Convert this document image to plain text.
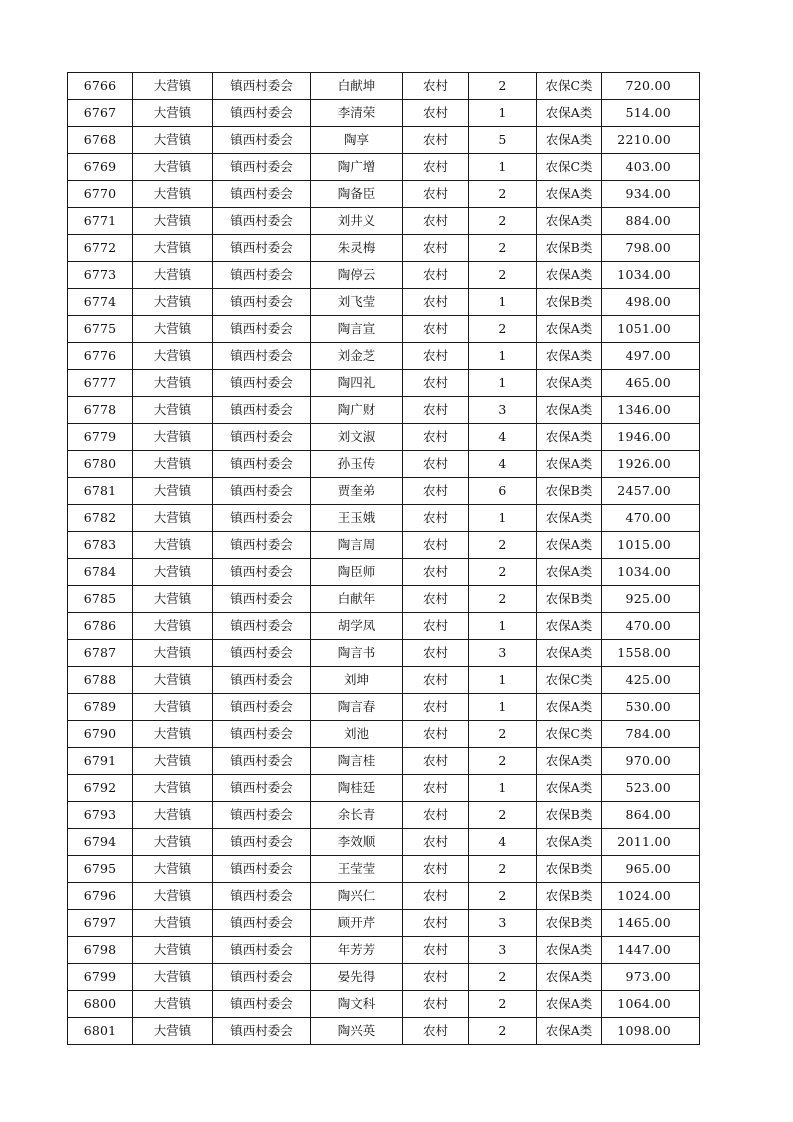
6766	大营镇	镇西村委会	白献坤	农村	2	农保C类	720.00
6767	大营镇	镇西村委会	李清荣	农村	1	农保A类	514.00
6768	大营镇	镇西村委会	陶享	农村	5	农保A类	2210.00
6769	大营镇	镇西村委会	陶广增	农村	1	农保C类	403.00
6770	大营镇	镇西村委会	陶备臣	农村	2	农保A类	934.00
6771	大营镇	镇西村委会	刘井义	农村	2	农保A类	884.00
6772	大营镇	镇西村委会	朱灵梅	农村	2	农保B类	798.00
6773	大营镇	镇西村委会	陶停云	农村	2	农保A类	1034.00
6774	大营镇	镇西村委会	刘飞莹	农村	1	农保B类	498.00
6775	大营镇	镇西村委会	陶言宣	农村	2	农保A类	1051.00
6776	大营镇	镇西村委会	刘金芝	农村	1	农保A类	497.00
6777	大营镇	镇西村委会	陶四礼	农村	1	农保A类	465.00
6778	大营镇	镇西村委会	陶广财	农村	3	农保A类	1346.00
6779	大营镇	镇西村委会	刘文淑	农村	4	农保A类	1946.00
6780	大营镇	镇西村委会	孙玉传	农村	4	农保A类	1926.00
6781	大营镇	镇西村委会	贾奎弟	农村	6	农保B类	2457.00
6782	大营镇	镇西村委会	王玉娥	农村	1	农保A类	470.00
6783	大营镇	镇西村委会	陶言周	农村	2	农保A类	1015.00
6784	大营镇	镇西村委会	陶臣师	农村	2	农保A类	1034.00
6785	大营镇	镇西村委会	白献年	农村	2	农保B类	925.00
6786	大营镇	镇西村委会	胡学凤	农村	1	农保A类	470.00
6787	大营镇	镇西村委会	陶言书	农村	3	农保A类	1558.00
6788	大营镇	镇西村委会	刘坤	农村	1	农保C类	425.00
6789	大营镇	镇西村委会	陶言春	农村	1	农保A类	530.00
6790	大营镇	镇西村委会	刘池	农村	2	农保C类	784.00
6791	大营镇	镇西村委会	陶言桂	农村	2	农保A类	970.00
6792	大营镇	镇西村委会	陶桂廷	农村	1	农保A类	523.00
6793	大营镇	镇西村委会	余长青	农村	2	农保B类	864.00
6794	大营镇	镇西村委会	李效顺	农村	4	农保A类	2011.00
6795	大营镇	镇西村委会	王莹莹	农村	2	农保B类	965.00
6796	大营镇	镇西村委会	陶兴仁	农村	2	农保B类	1024.00
6797	大营镇	镇西村委会	顾开芹	农村	3	农保B类	1465.00
6798	大营镇	镇西村委会	年芳芳	农村	3	农保A类	1447.00
6799	大营镇	镇西村委会	晏先得	农村	2	农保A类	973.00
6800	大营镇	镇西村委会	陶文科	农村	2	农保A类	1064.00
6801	大营镇	镇西村委会	陶兴英	农村	2	农保A类	1098.00
